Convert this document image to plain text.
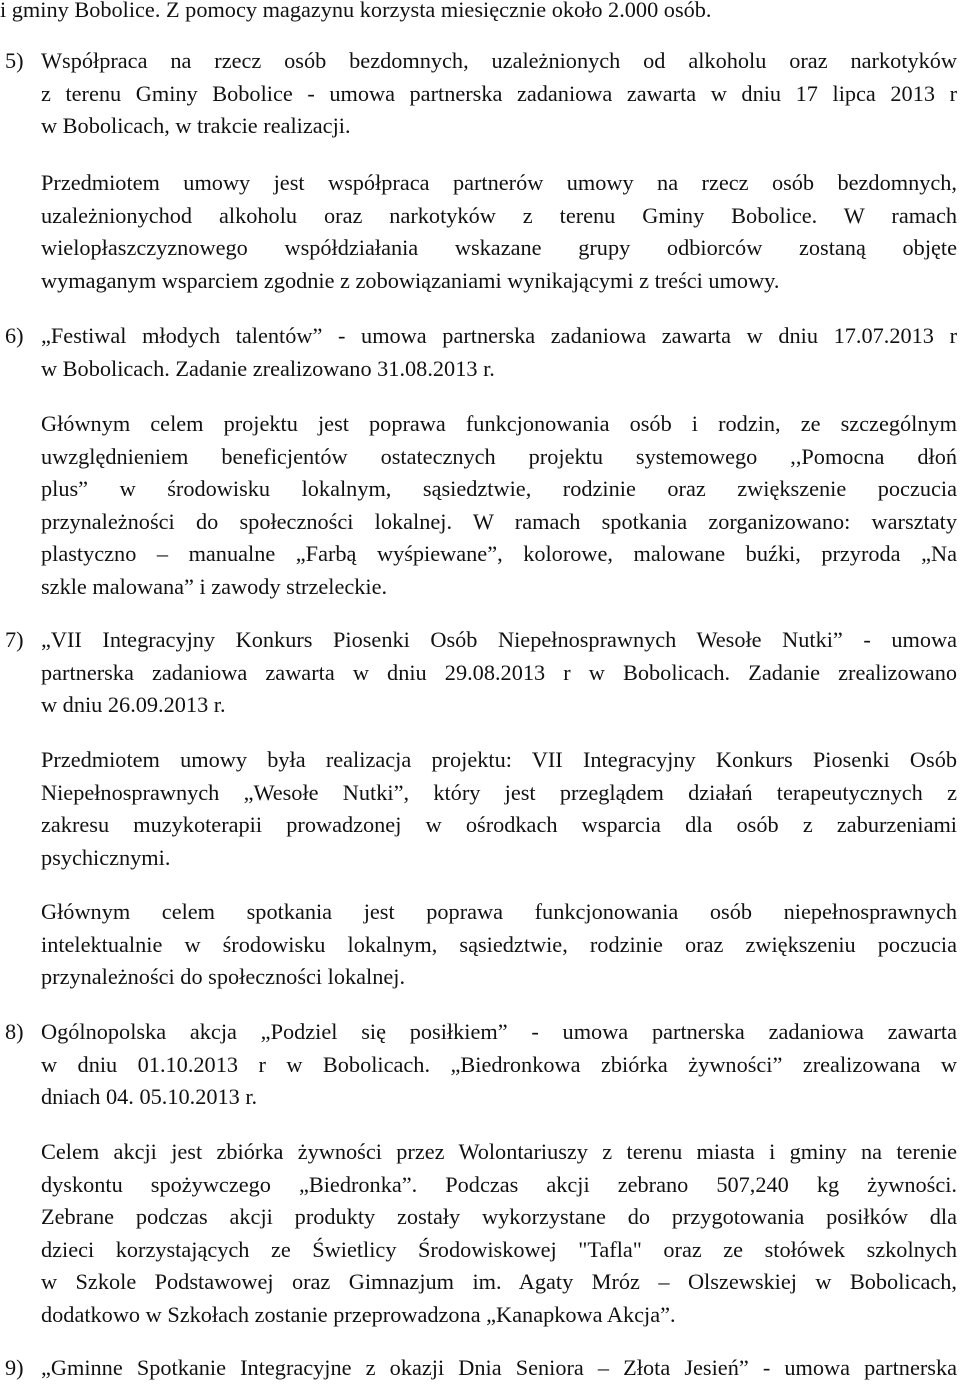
i gminy Bobolice. Z pomocy magazynu korzysta miesięcznie około 2.000 osób.
5) Współpraca na rzecz osób bezdomnych, uzależnionych od alkoholu oraz narkotyków
z terenu Gminy Bobolice - umowa partnerska zadaniowa zawarta w dniu 17 lipca 2013 r
w Bobolicach, w trakcie realizacji.
Przedmiotem umowy jest współpraca partnerów umowy na rzecz osób bezdomnych,
uzależnionychod alkoholu oraz narkotyków z terenu Gminy Bobolice. W ramach
wielopłaszczyznowego współdziałania wskazane grupy odbiorców zostaną objęte
wymaganym wsparciem zgodnie z zobowiązaniami wynikającymi z treści umowy.
6) „Festiwal młodych talentów” - umowa partnerska zadaniowa zawarta w dniu 17.07.2013 r
w Bobolicach. Zadanie zrealizowano 31.08.2013 r.
Głównym celem projektu jest poprawa funkcjonowania osób i rodzin, ze szczególnym
uwzględnieniem beneficjentów ostatecznych projektu systemowego ,,Pomocna dłoń
plus” w środowisku lokalnym, sąsiedztwie, rodzinie oraz zwiększenie poczucia
przynależności do społeczności lokalnej. W ramach spotkania zorganizowano: warsztaty
plastyczno – manualne „Farbą wyśpiewane”, kolorowe, malowane buźki, przyroda „Na
szkle malowana” i zawody strzeleckie.
7) „VII Integracyjny Konkurs Piosenki Osób Niepełnosprawnych Wesołe Nutki” - umowa
partnerska zadaniowa zawarta w dniu 29.08.2013 r w Bobolicach. Zadanie zrealizowano
w dniu 26.09.2013 r.
Przedmiotem umowy była realizacja projektu: VII Integracyjny Konkurs Piosenki Osób
Niepełnosprawnych „Wesołe Nutki”, który jest przeglądem działań terapeutycznych z
zakresu muzykoterapii prowadzonej w ośrodkach wsparcia dla osób z zaburzeniami
psychicznymi.
Głównym celem spotkania jest poprawa funkcjonowania osób niepełnosprawnych
intelektualnie w środowisku lokalnym, sąsiedztwie, rodzinie oraz zwiększeniu poczucia
przynależności do społeczności lokalnej.
8) Ogólnopolska akcja „Podziel się posiłkiem” - umowa partnerska zadaniowa zawarta
w dniu 01.10.2013 r w Bobolicach. „Biedronkowa zbiórka żywności” zrealizowana w
dniach 04. 05.10.2013 r.
Celem akcji jest zbiórka żywności przez Wolontariuszy z terenu miasta i gminy na terenie
dyskontu spożywczego „Biedronka”. Podczas akcji zebrano 507,240 kg żywności.
Zebrane podczas akcji produkty zostały wykorzystane do przygotowania posiłków dla
dzieci korzystających ze Świetlicy Środowiskowej "Tafla" oraz ze stołówek szkolnych
w Szkole Podstawowej oraz Gimnazjum im. Agaty Mróz – Olszewskiej w Bobolicach,
dodatkowo w Szkołach zostanie przeprowadzona „Kanapkowa Akcja”.
9) „Gminne Spotkanie Integracyjne z okazji Dnia Seniora – Złota Jesień” - umowa partnerska
